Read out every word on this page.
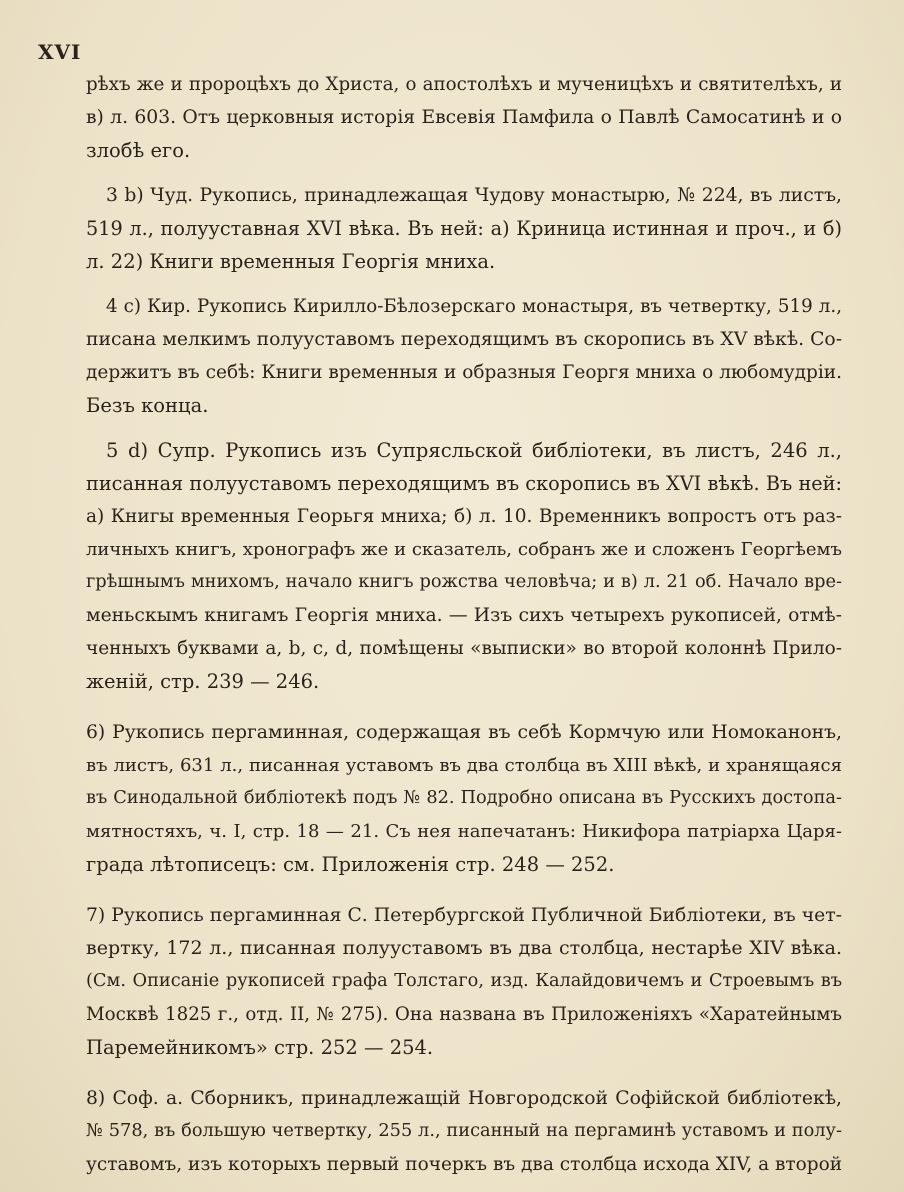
XVI
рѣхъ же и пророцѣхъ до Христа, о апостолѣхъ и мученицѣхъ и святителѣхъ, и
в) л. 603. Отъ церковныя исторія Евсевія Памфила о Павлѣ Самосатинѣ и о
злобѣ его.
3 b) Чуд. Рукопись, принадлежащая Чудову монастырю, № 224, въ листъ,
519 л., полууставная XVI вѣка. Въ ней: а) Криница истинная и проч., и б)
л. 22) Книги временныя Георгія мниха.
4 c) Кир. Рукопись Кирилло-Бѣлозерскаго монастыря, въ четвертку, 519 л.,
писана мелкимъ полууставомъ переходящимъ въ скоропись въ XV вѣкѣ. Со-
держитъ въ себѣ: Книги временныя и образныя Георгя мниха о любомудріи.
Безъ конца.
5 d) Супр. Рукопись изъ Супрясльской библіотеки, въ листъ, 246 л.,
писанная полууставомъ переходящимъ въ скоропись въ XVI вѣкѣ. Въ ней:
а) Книгы временныя Георьгя мниха; б) л. 10. Временникъ вопростъ отъ раз-
личныхъ книгъ, хронографъ же и сказатель, собранъ же и сложенъ Георгѣемъ
грѣшнымъ мнихомъ, начало книгъ рожства человѣча; и в) л. 21 об. Начало вре-
меньскымъ книгамъ Георгія мниха. — Изъ сихъ четырехъ рукописей, отмѣ-
ченныхъ буквами a, b, c, d, помѣщены «выписки» во второй колоннѣ Прило-
женій, стр. 239 — 246.
6) Рукопись пергаминная, содержащая въ себѣ Кормчую или Номоканонъ,
въ листъ, 631 л., писанная уставомъ въ два столбца въ XIII вѣкѣ, и хранящаяся
въ Синодальной библіотекѣ подъ № 82. Подробно описана въ Русскихъ достопа-
мятностяхъ, ч. I, стр. 18 — 21. Съ нея напечатанъ: Никифора патріарха Царя-
града лѣтописецъ: см. Приложенія стр. 248 — 252.
7) Рукопись пергаминная С. Петербургской Публичной Библіотеки, въ чет-
вертку, 172 л., писанная полууставомъ въ два столбца, нестарѣе XIV вѣка.
(См. Описаніе рукописей графа Толстаго, изд. Калайдовичемъ и Строевымъ въ
Москвѣ 1825 г., отд. II, № 275). Она названа въ Приложеніяхъ «Харатейнымъ
Паремейникомъ» стр. 252 — 254.
8) Соф. а. Сборникъ, принадлежащій Новгородской Софійской библіотекѣ,
№ 578, въ большую четвертку, 255 л., писанный на пергаминѣ уставомъ и полу-
уставомъ, изъ которыхъ первый почеркъ въ два столбца исхода XIV, а второй
